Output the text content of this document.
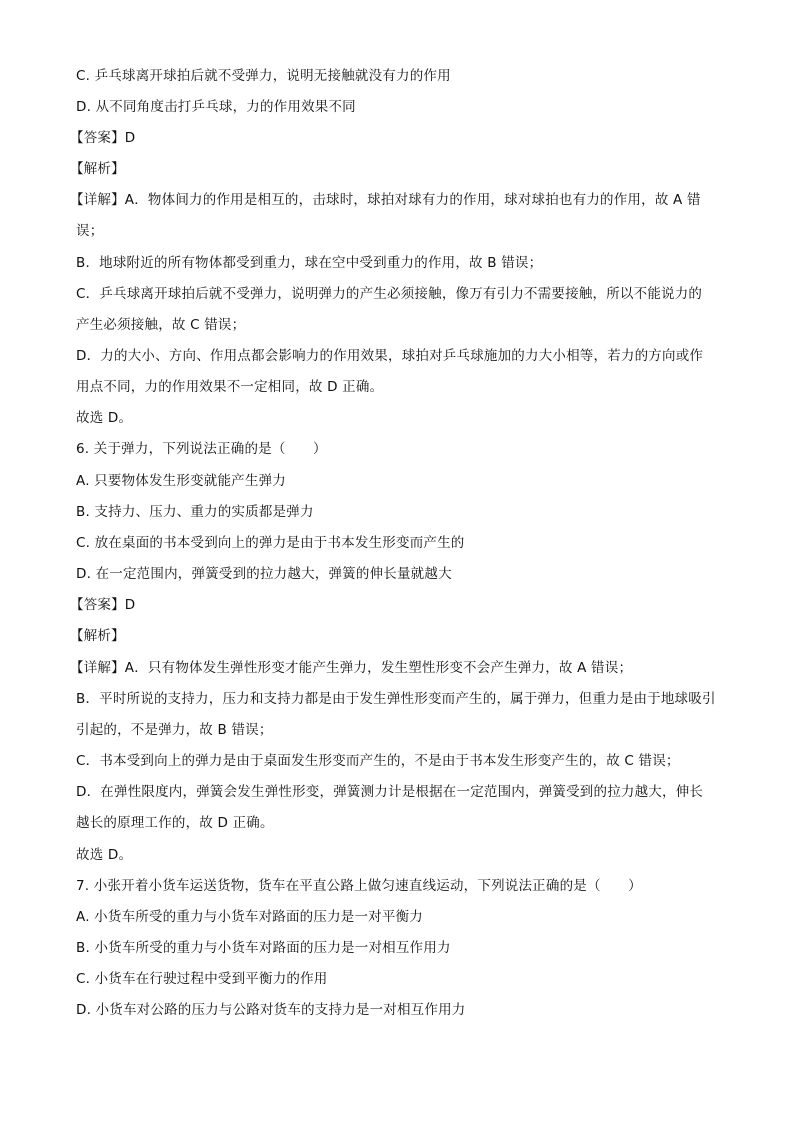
C. 乒乓球离开球拍后就不受弹力，说明无接触就没有力的作用
D. 从不同角度击打乒乓球，力的作用效果不同
【答案】D
【解析】
【详解】A．物体间力的作用是相互的，击球时，球拍对球有力的作用，球对球拍也有力的作用，故 A 错
误；
B．地球附近的所有物体都受到重力，球在空中受到重力的作用，故 B 错误；
C．乒乓球离开球拍后就不受弹力，说明弹力的产生必须接触，像万有引力不需要接触，所以不能说力的
产生必须接触，故 C 错误；
D．力的大小、方向、作用点都会影响力的作用效果，球拍对乒乓球施加的力大小相等，若力的方向或作
用点不同，力的作用效果不一定相同，故 D 正确。
故选 D。
6. 关于弹力，下列说法正确的是（　　）
A. 只要物体发生形变就能产生弹力
B. 支持力、压力、重力的实质都是弹力
C. 放在桌面的书本受到向上的弹力是由于书本发生形变而产生的
D. 在一定范围内，弹簧受到的拉力越大，弹簧的伸长量就越大
【答案】D
【解析】
【详解】A．只有物体发生弹性形变才能产生弹力，发生塑性形变不会产生弹力，故 A 错误；
B．平时所说的支持力，压力和支持力都是由于发生弹性形变而产生的，属于弹力，但重力是由于地球吸引
引起的，不是弹力，故 B 错误；
C．书本受到向上的弹力是由于桌面发生形变而产生的，不是由于书本发生形变产生的，故 C 错误；
D．在弹性限度内，弹簧会发生弹性形变，弹簧测力计是根据在一定范围内，弹簧受到的拉力越大，伸长
越长的原理工作的，故 D 正确。
故选 D。
7. 小张开着小货车运送货物，货车在平直公路上做匀速直线运动，下列说法正确的是（　　）
A. 小货车所受的重力与小货车对路面的压力是一对平衡力
B. 小货车所受的重力与小货车对路面的压力是一对相互作用力
C. 小货车在行驶过程中受到平衡力的作用
D. 小货车对公路的压力与公路对货车的支持力是一对相互作用力
